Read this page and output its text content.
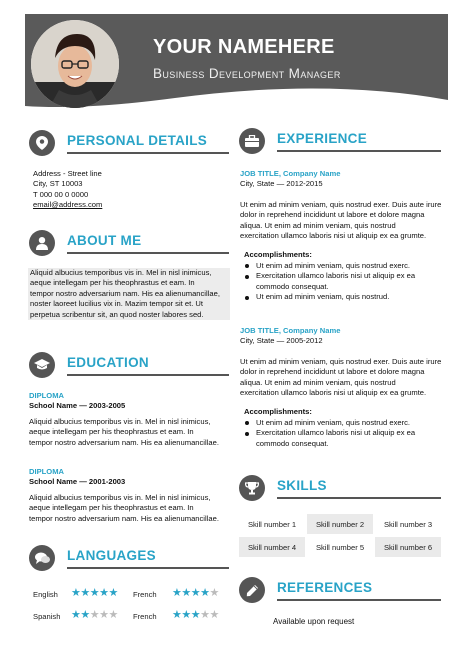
YOUR NAMEHERE
Business Development Manager
PERSONAL DETAILS
Address - Street line
City, ST 10003
T 000 00 0 0000
email@address.com
ABOUT ME
Aliquid albucius temporibus vis in. Mel in nisl inimicus,
aeque intellegam per his theophrastus et eam. In
tempor nostro adversarium nam. His ea alienumancillae,
noster laoreet lucilius vix in. Mazim tempor sit et. Ut
perpetua scribentur sit, an quod noster labores sed.
EDUCATION
DIPLOMA
School Name — 2003-2005
Aliquid albucius temporibus vis in. Mel in nisl inimicus,
aeque intellegam per his theophrastus et eam. In
tempor nostro adversarium nam. His ea alienumancillae.
DIPLOMA
School Name — 2001-2003
Aliquid albucius temporibus vis in. Mel in nisl inimicus,
aeque intellegam per his theophrastus et eam. In
tempor nostro adversarium nam. His ea alienumancillae.
LANGUAGES
English ★★★★★ French ★★★★★
Spanish ★★★★★ French ★★★★★
EXPERIENCE
JOB TITLE, Company Name
City, State — 2012-2015
Ut enim ad minim veniam, quis nostrud exer. Duis aute irure
dolor in reprehend incididunt ut labore et dolore magna
aliqua. Ut enim ad minim veniam, quis nostrud
exercitation ullamco laboris nisi ut aliquip ex ea grumte.
Accomplishments:
Ut enim ad minim veniam, quis nostrud exerc.
Exercitation ullamco laboris nisi ut aliquip ex ea commodo consequat.
Ut enim ad minim veniam, quis nostrud.
JOB TITLE, Company Name
City, State — 2005-2012
Ut enim ad minim veniam, quis nostrud exer. Duis aute irure
dolor in reprehend incididunt ut labore et dolore magna
aliqua. Ut enim ad minim veniam, quis nostrud
exercitation ullamco laboris nisi ut aliquip ex ea grumte.
Accomplishments:
Ut enim ad minim veniam, quis nostrud exerc.
Exercitation ullamco laboris nisi ut aliquip ex ea commodo consequat.
SKILLS
Skill number 1	Skill number 2	Skill number 3
Skill number 4	Skill number 5	Skill number 6
REFERENCES
Available upon request
